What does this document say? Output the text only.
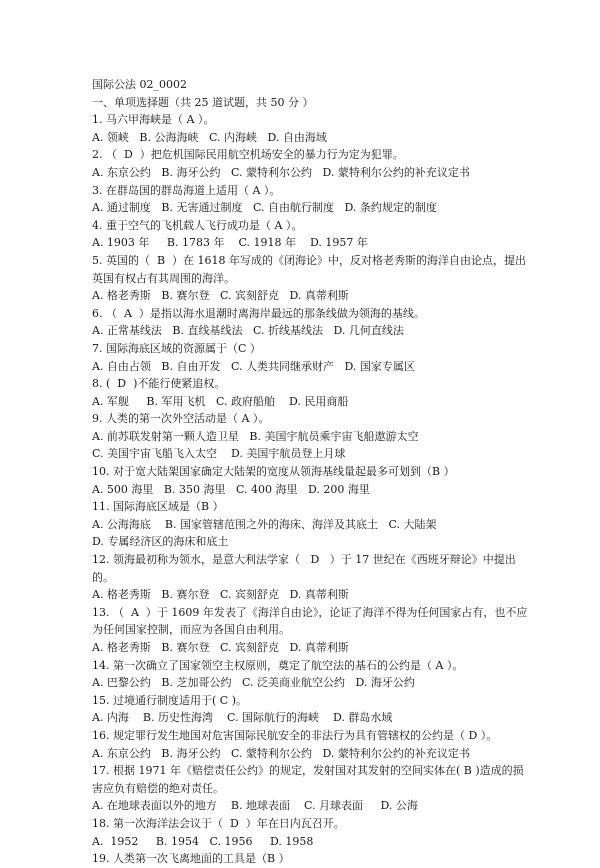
国际公法 02_0002

一、单项选择题（共 25 道试题，共 50 分 ）

1. 马六甲海峡是（ A ）。

A. 领峡   B. 公海海峡   C. 内海峡   D. 自由海域

2. （  D  ）把危机国际民用航空机场安全的暴力行为定为犯罪。

A. 东京公约   B. 海牙公约   C. 蒙特利尔公约   D. 蒙特利尔公约的补充议定书

3. 在群岛国的群岛海道上适用（ A ）。

A. 通过制度   B. 无害通过制度   C. 自由航行制度   D. 条约规定的制度

4. 重于空气的飞机载人飞行成功是（ A ）。

A. 1903 年     B. 1783 年    C. 1918 年    D. 1957 年

5. 英国的（  B  ）在 1618 年写成的《闭海论》中，反对格老秀斯的海洋自由论点，提出英国有权占有其周围的海洋。

A. 格老秀斯   B. 赛尔登   C. 宾刻舒克   D. 真蒂利斯

6. （  A  ）是指以海水退潮时离海岸最远的那条线做为领海的基线。

A. 正常基线法   B. 直线基线法   C. 折线基线法   D. 几何直线法

7. 国际海底区域的资源属于（C ）

A. 自由占领   B. 自由开发   C. 人类共同继承财产   D. 国家专属区

8. (  D  )不能行使紧追权。

A. 军舰     B. 军用飞机   C. 政府船舶    D. 民用商船

9. 人类的第一次外空活动是（ A ）。

A. 前苏联发射第一颗人造卫星   B. 美国宇航员乘宇宙飞船遨游太空
C. 美国宇宙飞船飞入太空    D. 美国宇航员登上月球

10. 对于宽大陆架国家确定大陆架的宽度从领海基线量起最多可划到（B ）

A. 500 海里   B. 350 海里   C. 400 海里   D. 200 海里

11. 国际海底区域是（B ）

A. 公海海底    B. 国家管辖范围之外的海床、海洋及其底土   C. 大陆架
D. 专属经济区的海床和底土

12. 领海最初称为领水，是意大利法学家（   D   ）于 17 世纪在《西班牙辩论》中提出的。

A. 格老秀斯   B. 赛尔登   C. 宾刻舒克   D. 真蒂利斯

13. （  A  ）于 1609 年发表了《海洋自由论》，论证了海洋不得为任何国家占有，也不应为任何国家控制，而应为各国自由利用。

A. 格老秀斯   B. 赛尔登   C. 宾刻舒克   D. 真蒂利斯

14. 第一次确立了国家领空主权原则，奠定了航空法的基石的公约是（ A ）。

A. 巴黎公约   B. 芝加哥公约   C. 泛美商业航空公约   D. 海牙公约

15. 过境通行制度适用于( C )。

A. 内海    B. 历史性海湾    C. 国际航行的海峡    D. 群岛水域

16. 规定罪行发生地国对危害国际民航安全的非法行为具有管辖权的公约是（ D ）。

A. 东京公约   B. 海牙公约   C. 蒙特利尔公约   D. 蒙特利尔公约的补充议定书

17. 根据 1971 年《赔偿责任公约》的规定，发射国对其发射的空间实体在( B )造成的损害应负有赔偿的绝对责任。

A. 在地球表面以外的地方    B. 地球表面    C. 月球表面     D. 公海

18. 第一次海洋法会议于（  D  ）年在日内瓦召开。

A.  1952     B. 1954   C. 1956     D. 1958

19. 人类第一次飞离地面的工具是（B ）
